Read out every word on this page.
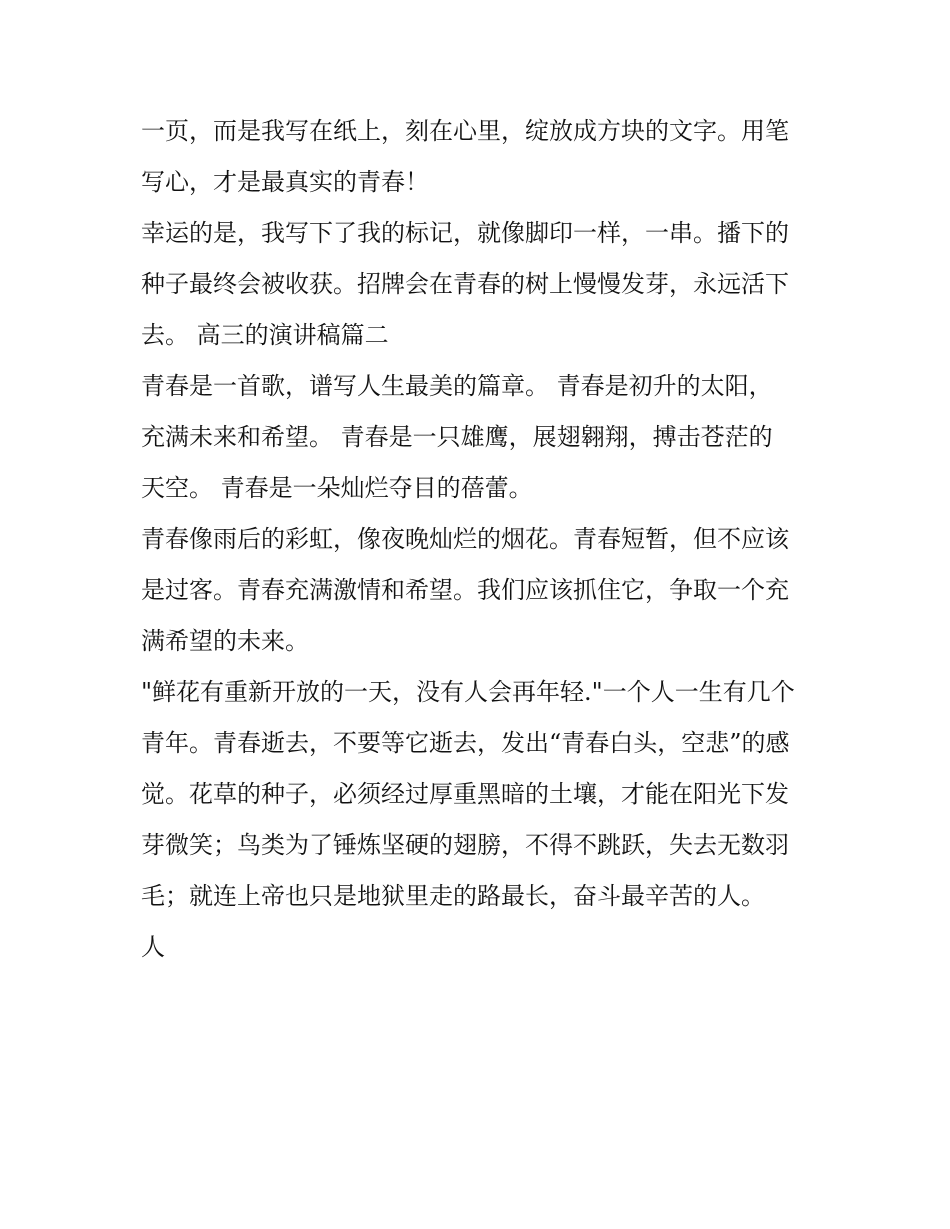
一页，而是我写在纸上，刻在心里，绽放成方块的文字。用笔
写心，才是最真实的青春！
幸运的是，我写下了我的标记，就像脚印一样，一串。播下的
种子最终会被收获。招牌会在青春的树上慢慢发芽，永远活下
去。 高三的演讲稿篇二
青春是一首歌，谱写人生最美的篇章。 青春是初升的太阳，
充满未来和希望。 青春是一只雄鹰，展翅翱翔，搏击苍茫的
天空。 青春是一朵灿烂夺目的蓓蕾。
青春像雨后的彩虹，像夜晚灿烂的烟花。青春短暂，但不应该
是过客。青春充满激情和希望。我们应该抓住它，争取一个充
满希望的未来。
"鲜花有重新开放的一天，没有人会再年轻."一个人一生有几个
青年。青春逝去，不要等它逝去，发出“青春白头，空悲”的感
觉。花草的种子，必须经过厚重黑暗的土壤，才能在阳光下发
芽微笑；鸟类为了锤炼坚硬的翅膀，不得不跳跃，失去无数羽
毛；就连上帝也只是地狱里走的路最长，奋斗最辛苦的人。
人
